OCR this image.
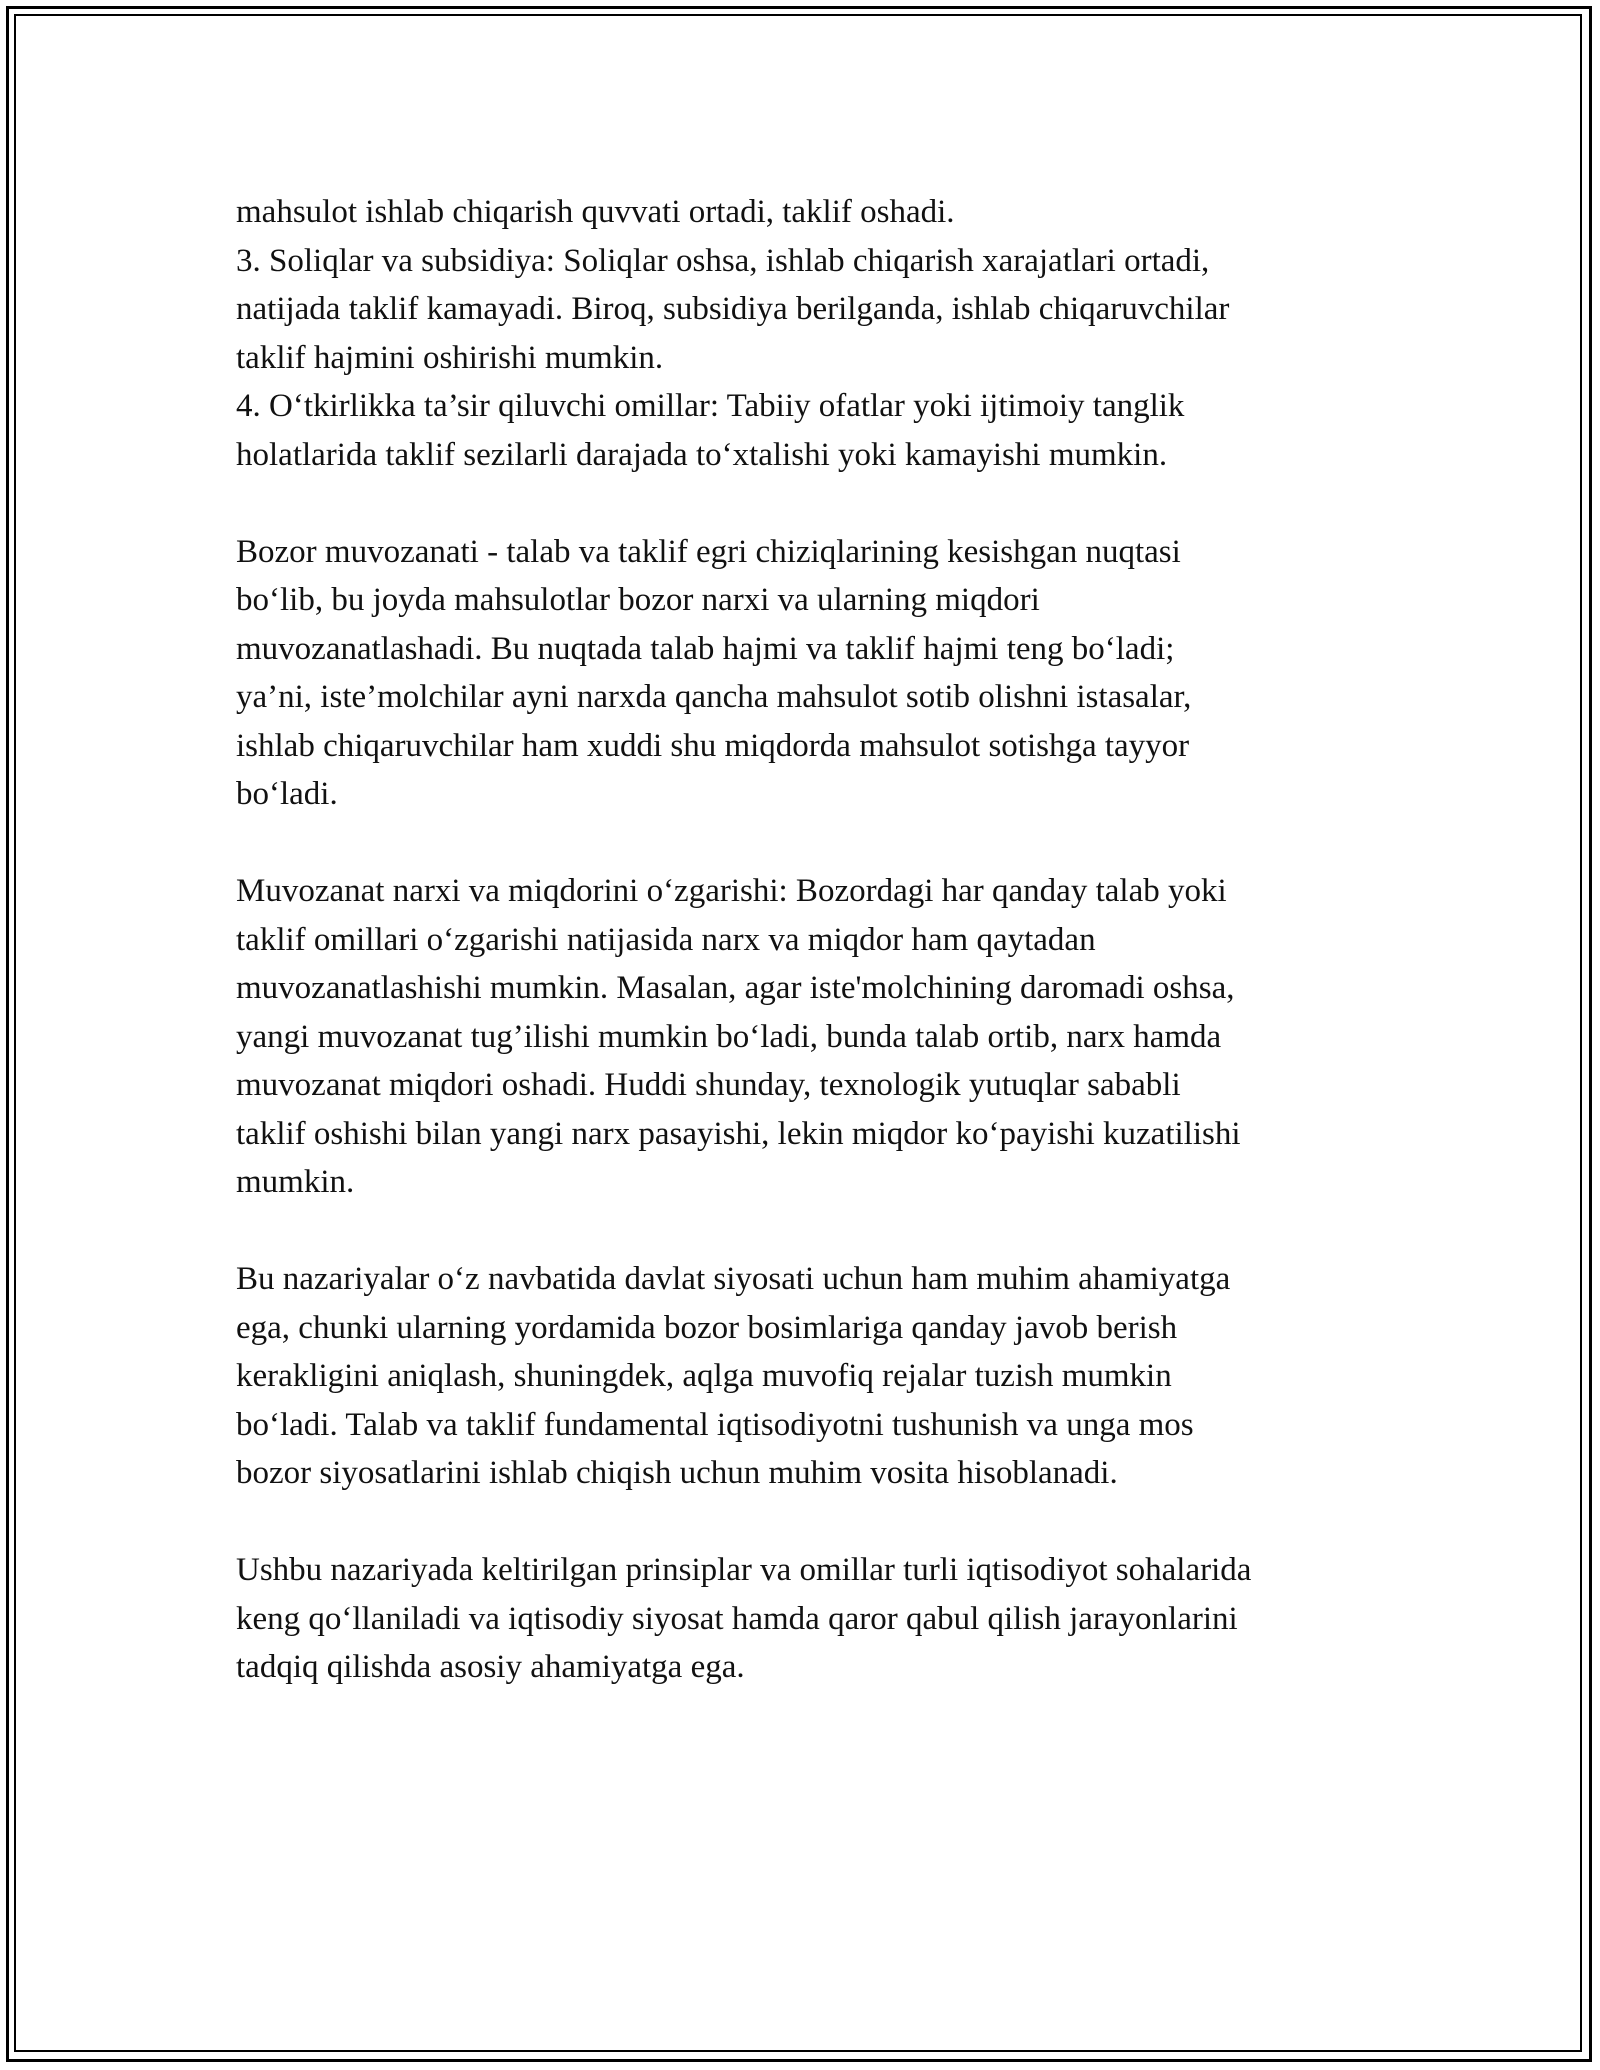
mahsulot ishlab chiqarish quvvati ortadi, taklif oshadi.
3. Soliqlar va subsidiya: Soliqlar oshsa, ishlab chiqarish xarajatlari ortadi,
natijada taklif kamayadi. Biroq, subsidiya berilganda, ishlab chiqaruvchilar
taklif hajmini oshirishi mumkin.
4. O‘tkirlikka ta’sir qiluvchi omillar: Tabiiy ofatlar yoki ijtimoiy tanglik
holatlarida taklif sezilarli darajada to‘xtalishi yoki kamayishi mumkin.
Bozor muvozanati - talab va taklif egri chiziqlarining kesishgan nuqtasi
bo‘lib, bu joyda mahsulotlar bozor narxi va ularning miqdori
muvozanatlashadi. Bu nuqtada talab hajmi va taklif hajmi teng bo‘ladi;
ya’ni, iste’molchilar ayni narxda qancha mahsulot sotib olishni istasalar,
ishlab chiqaruvchilar ham xuddi shu miqdorda mahsulot sotishga tayyor
bo‘ladi.
Muvozanat narxi va miqdorini o‘zgarishi: Bozordagi har qanday talab yoki
taklif omillari o‘zgarishi natijasida narx va miqdor ham qaytadan
muvozanatlashishi mumkin. Masalan, agar iste'molchining daromadi oshsa,
yangi muvozanat tug’ilishi mumkin bo‘ladi, bunda talab ortib, narx hamda
muvozanat miqdori oshadi. Huddi shunday, texnologik yutuqlar sababli
taklif oshishi bilan yangi narx pasayishi, lekin miqdor ko‘payishi kuzatilishi
mumkin.
Bu nazariyalar o‘z navbatida davlat siyosati uchun ham muhim ahamiyatga
ega, chunki ularning yordamida bozor bosimlariga qanday javob berish
kerakligini aniqlash, shuningdek, aqlga muvofiq rejalar tuzish mumkin
bo‘ladi. Talab va taklif fundamental iqtisodiyotni tushunish va unga mos
bozor siyosatlarini ishlab chiqish uchun muhim vosita hisoblanadi.
Ushbu nazariyada keltirilgan prinsiplar va omillar turli iqtisodiyot sohalarida
keng qo‘llaniladi va iqtisodiy siyosat hamda qaror qabul qilish jarayonlarini
tadqiq qilishda asosiy ahamiyatga ega.
